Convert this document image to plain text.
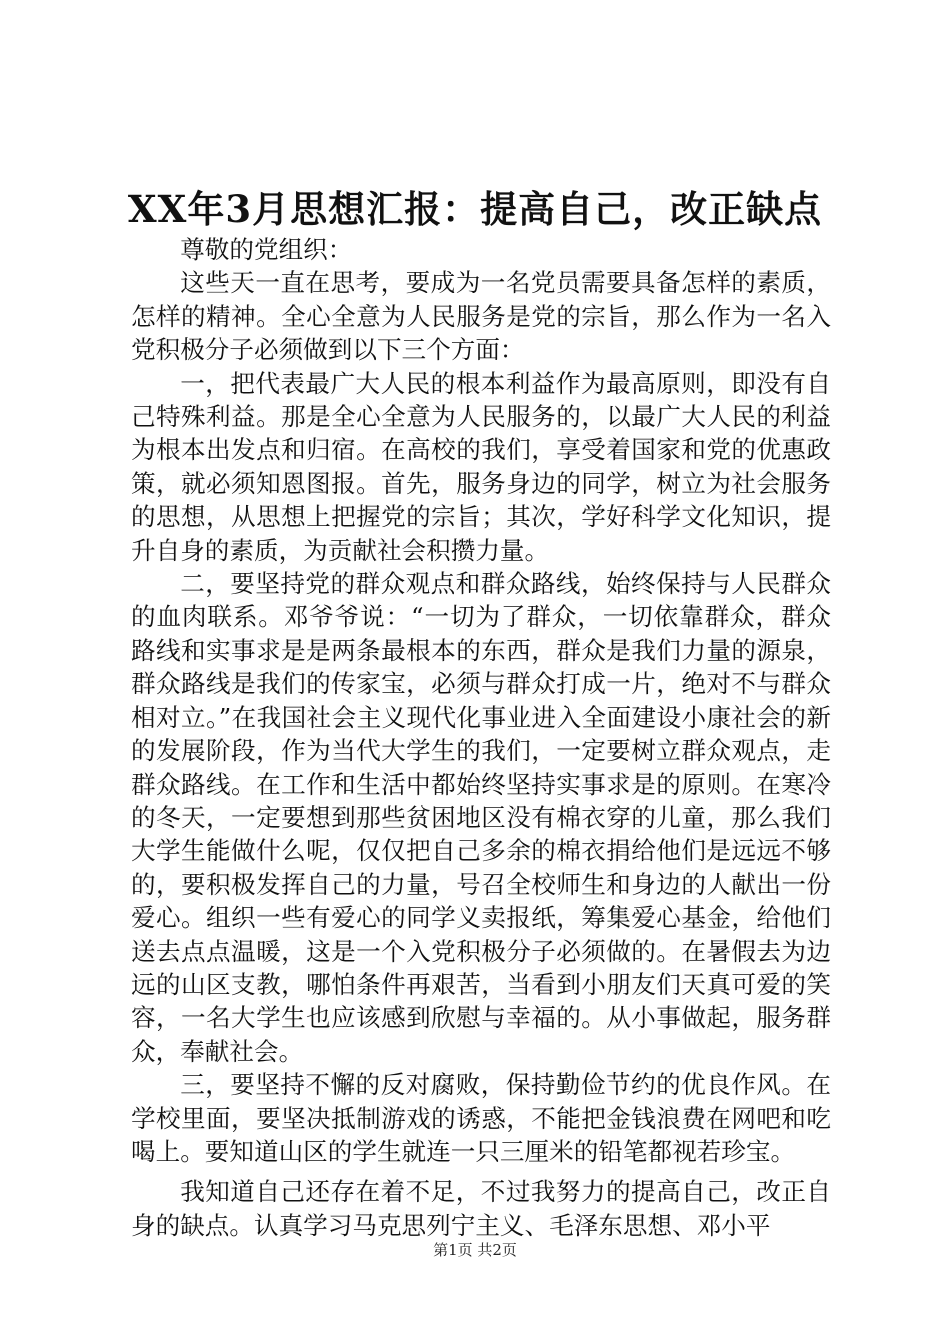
XX年3月思想汇报：提高自己，改正缺点

尊敬的党组织：

这些天一直在思考，要成为一名党员需要具备怎样的素质，怎样的精神。全心全意为人民服务是党的宗旨，那么作为一名入党积极分子必须做到以下三个方面：

一，把代表最广大人民的根本利益作为最高原则，即没有自己特殊利益。那是全心全意为人民服务的，以最广大人民的利益为根本出发点和归宿。在高校的我们，享受着国家和党的优惠政策，就必须知恩图报。首先，服务身边的同学，树立为社会服务的思想，从思想上把握党的宗旨；其次，学好科学文化知识，提升自身的素质，为贡献社会积攒力量。

二，要坚持党的群众观点和群众路线，始终保持与人民群众的血肉联系。邓爷爷说：“一切为了群众，一切依靠群众，群众路线和实事求是是两条最根本的东西，群众是我们力量的源泉，群众路线是我们的传家宝，必须与群众打成一片，绝对不与群众相对立。”在我国社会主义现代化事业进入全面建设小康社会的新的发展阶段，作为当代大学生的我们，一定要树立群众观点，走群众路线。在工作和生活中都始终坚持实事求是的原则。在寒冷的冬天，一定要想到那些贫困地区没有棉衣穿的儿童，那么我们大学生能做什么呢，仅仅把自己多余的棉衣捐给他们是远远不够的，要积极发挥自己的力量，号召全校师生和身边的人献出一份爱心。组织一些有爱心的同学义卖报纸，筹集爱心基金，给他们送去点点温暖，这是一个入党积极分子必须做的。在暑假去为边远的山区支教，哪怕条件再艰苦，当看到小朋友们天真可爱的笑容，一名大学生也应该感到欣慰与幸福的。从小事做起，服务群众，奉献社会。

三，要坚持不懈的反对腐败，保持勤俭节约的优良作风。在学校里面，要坚决抵制游戏的诱惑，不能把金钱浪费在网吧和吃喝上。要知道山区的学生就连一只三厘米的铅笔都视若珍宝。

我知道自己还存在着不足，不过我努力的提高自己，改正自身的缺点。认真学习马克思列宁主义、毛泽东思想、邓小平

第1页 共2页
